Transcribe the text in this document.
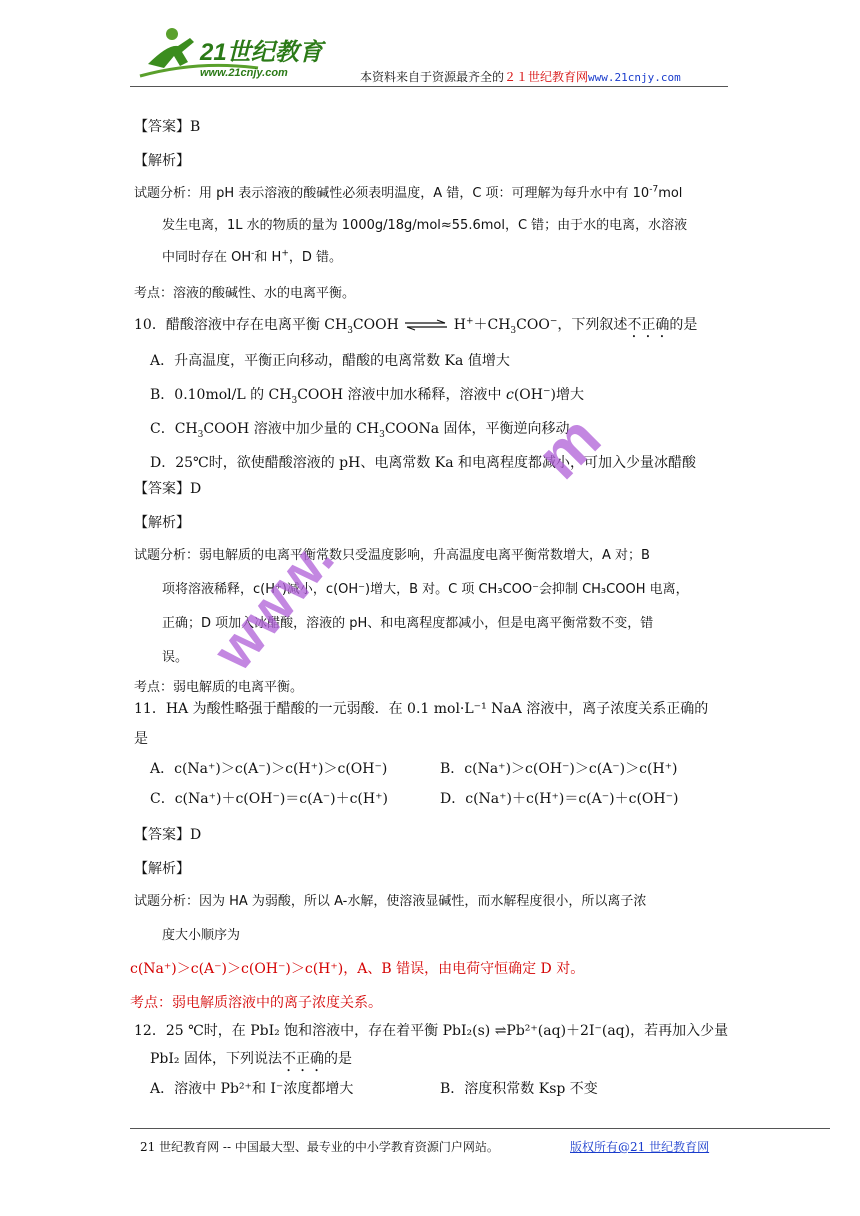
21世纪教育
www.21cnjy.com	本资料来自于资源最齐全的２１世纪教育网www.21cnjy.com
【答案】B
【解析】
试题分析：用 pH 表示溶液的酸碱性必须表明温度，A 错，C 项：可理解为每升水中有 $10^{-7}mol$
发生电离，1L 水的物质的量为 1000g/18g/mol≈55.6mol，C 错；由于水的电离，水溶液
中同时存在 OH-和 H+，D 错。
考点：溶液的酸碱性、水的电离平衡。
10．醋酸溶液中存在电离平衡 $CH_3COOH$ ⇌ $H^++CH_3COO^-$，下列叙述不正确的是
A．升高温度，平衡正向移动，醋酸的电离常数 Ka 值增大
B．0.10mol/L 的 $CH_3COOH$ 溶液中加水稀释，溶液中 c(OH−)增大
C．$CH_3COOH$ 溶液中加少量的 $CH_3COONa$ 固体，平衡逆向移动
D．25℃时，欲使醋酸溶液的 pH、电离常数 Ka 和电离程度都减小，可加入少量冰醋酸
【答案】D
【解析】
试题分析：弱电解质的电离平衡常数只受温度影响，升高温度电离平衡常数增大，A 对；B
项将溶液稀释，c(H⁺)减小，c(OH⁻)增大，B 对。C 项 CH₃COO⁻会抑制 CH₃COOH 电离，
正确；D 项加入冰醋酸，溶液的 pH、和电离程度都减小，但是电离平衡常数不变，错
误。
考点：弱电解质的电离平衡。
11．HA 为酸性略强于醋酸的一元弱酸．在 0.1 mol·L⁻¹ NaA 溶液中，离子浓度关系正确的
是
A．c(Na⁺)＞c(A⁻)＞c(H⁺)＞c(OH⁻)	B．c(Na⁺)＞c(OH⁻)＞c(A⁻)＞c(H⁺)
C．c(Na⁺)＋c(OH⁻)＝c(A⁻)＋c(H⁺)	D．c(Na⁺)＋c(H⁺)＝c(A⁻)＋c(OH⁻)
【答案】D
【解析】
试题分析：因为 HA 为弱酸，所以 A-水解，使溶液显碱性，而水解程度很小，所以离子浓
度大小顺序为
c(Na⁺)＞c(A⁻)＞c(OH⁻)＞c(H⁺)，A、B 错误，由电荷守恒确定 D 对。
考点：弱电解质溶液中的离子浓度关系。
12．25 ℃时，在 PbI₂ 饱和溶液中，存在着平衡 PbI₂(s) ⇌Pb²⁺(aq)＋2I⁻(aq)，若再加入少量
PbI₂ 固体，下列说法不正确的是
A．溶液中 Pb²⁺和 I⁻浓度都增大	B．溶度积常数 Ksp 不变
www.
m
21 世纪教育网 -- 中国最大型、最专业的中小学教育资源门户网站。	版权所有@21 世纪教育网
